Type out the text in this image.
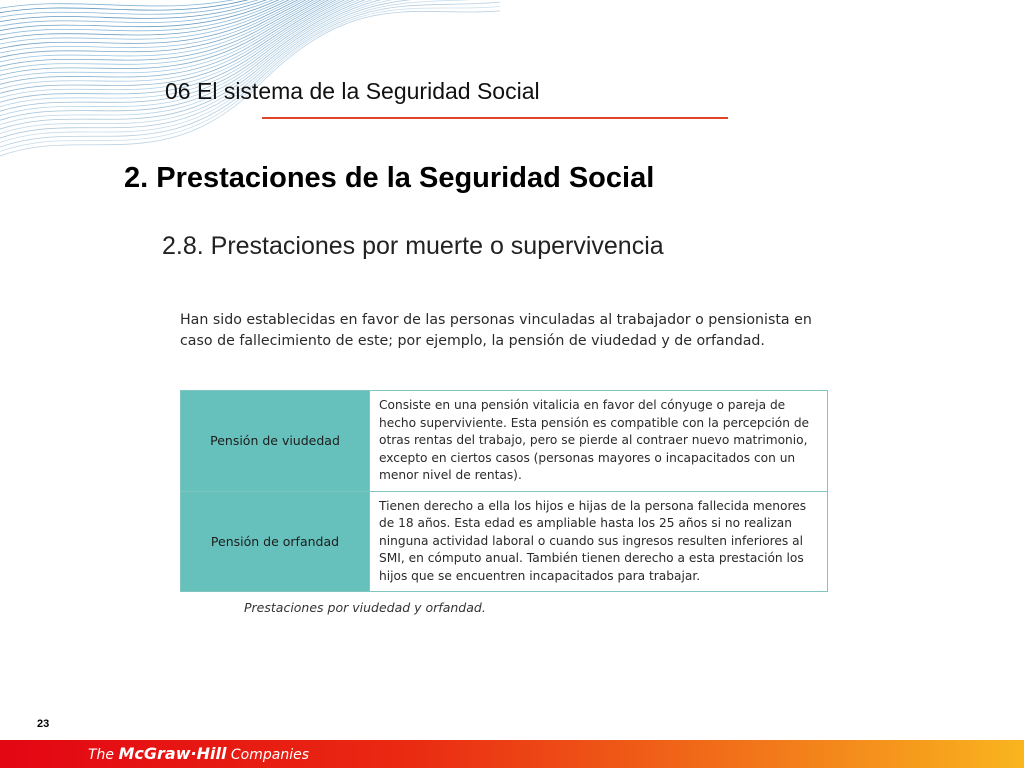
06 El sistema de la Seguridad Social
2. Prestaciones de la Seguridad Social
2.8. Prestaciones por muerte o supervivencia
Han sido establecidas en favor de las personas vinculadas al trabajador o pensionista en caso de fallecimiento de este; por ejemplo, la pensión de viudedad y de orfandad.
Pensión de viudedad	Consiste en una pensión vitalicia en favor del cónyuge o pareja de hecho superviviente. Esta pensión es compatible con la percepción de otras rentas del trabajo, pero se pierde al contraer nuevo matrimonio, excepto en ciertos casos (personas mayores o incapacitados con un menor nivel de rentas).
Pensión de orfandad	Tienen derecho a ella los hijos e hijas de la persona fallecida menores de 18 años. Esta edad es ampliable hasta los 25 años si no realizan ninguna actividad laboral o cuando sus ingresos resulten inferiores al SMI, en cómputo anual. También tienen derecho a esta prestación los hijos que se encuentren incapacitados para trabajar.
Prestaciones por viudedad y orfandad.
23
The McGraw·Hill Companies
